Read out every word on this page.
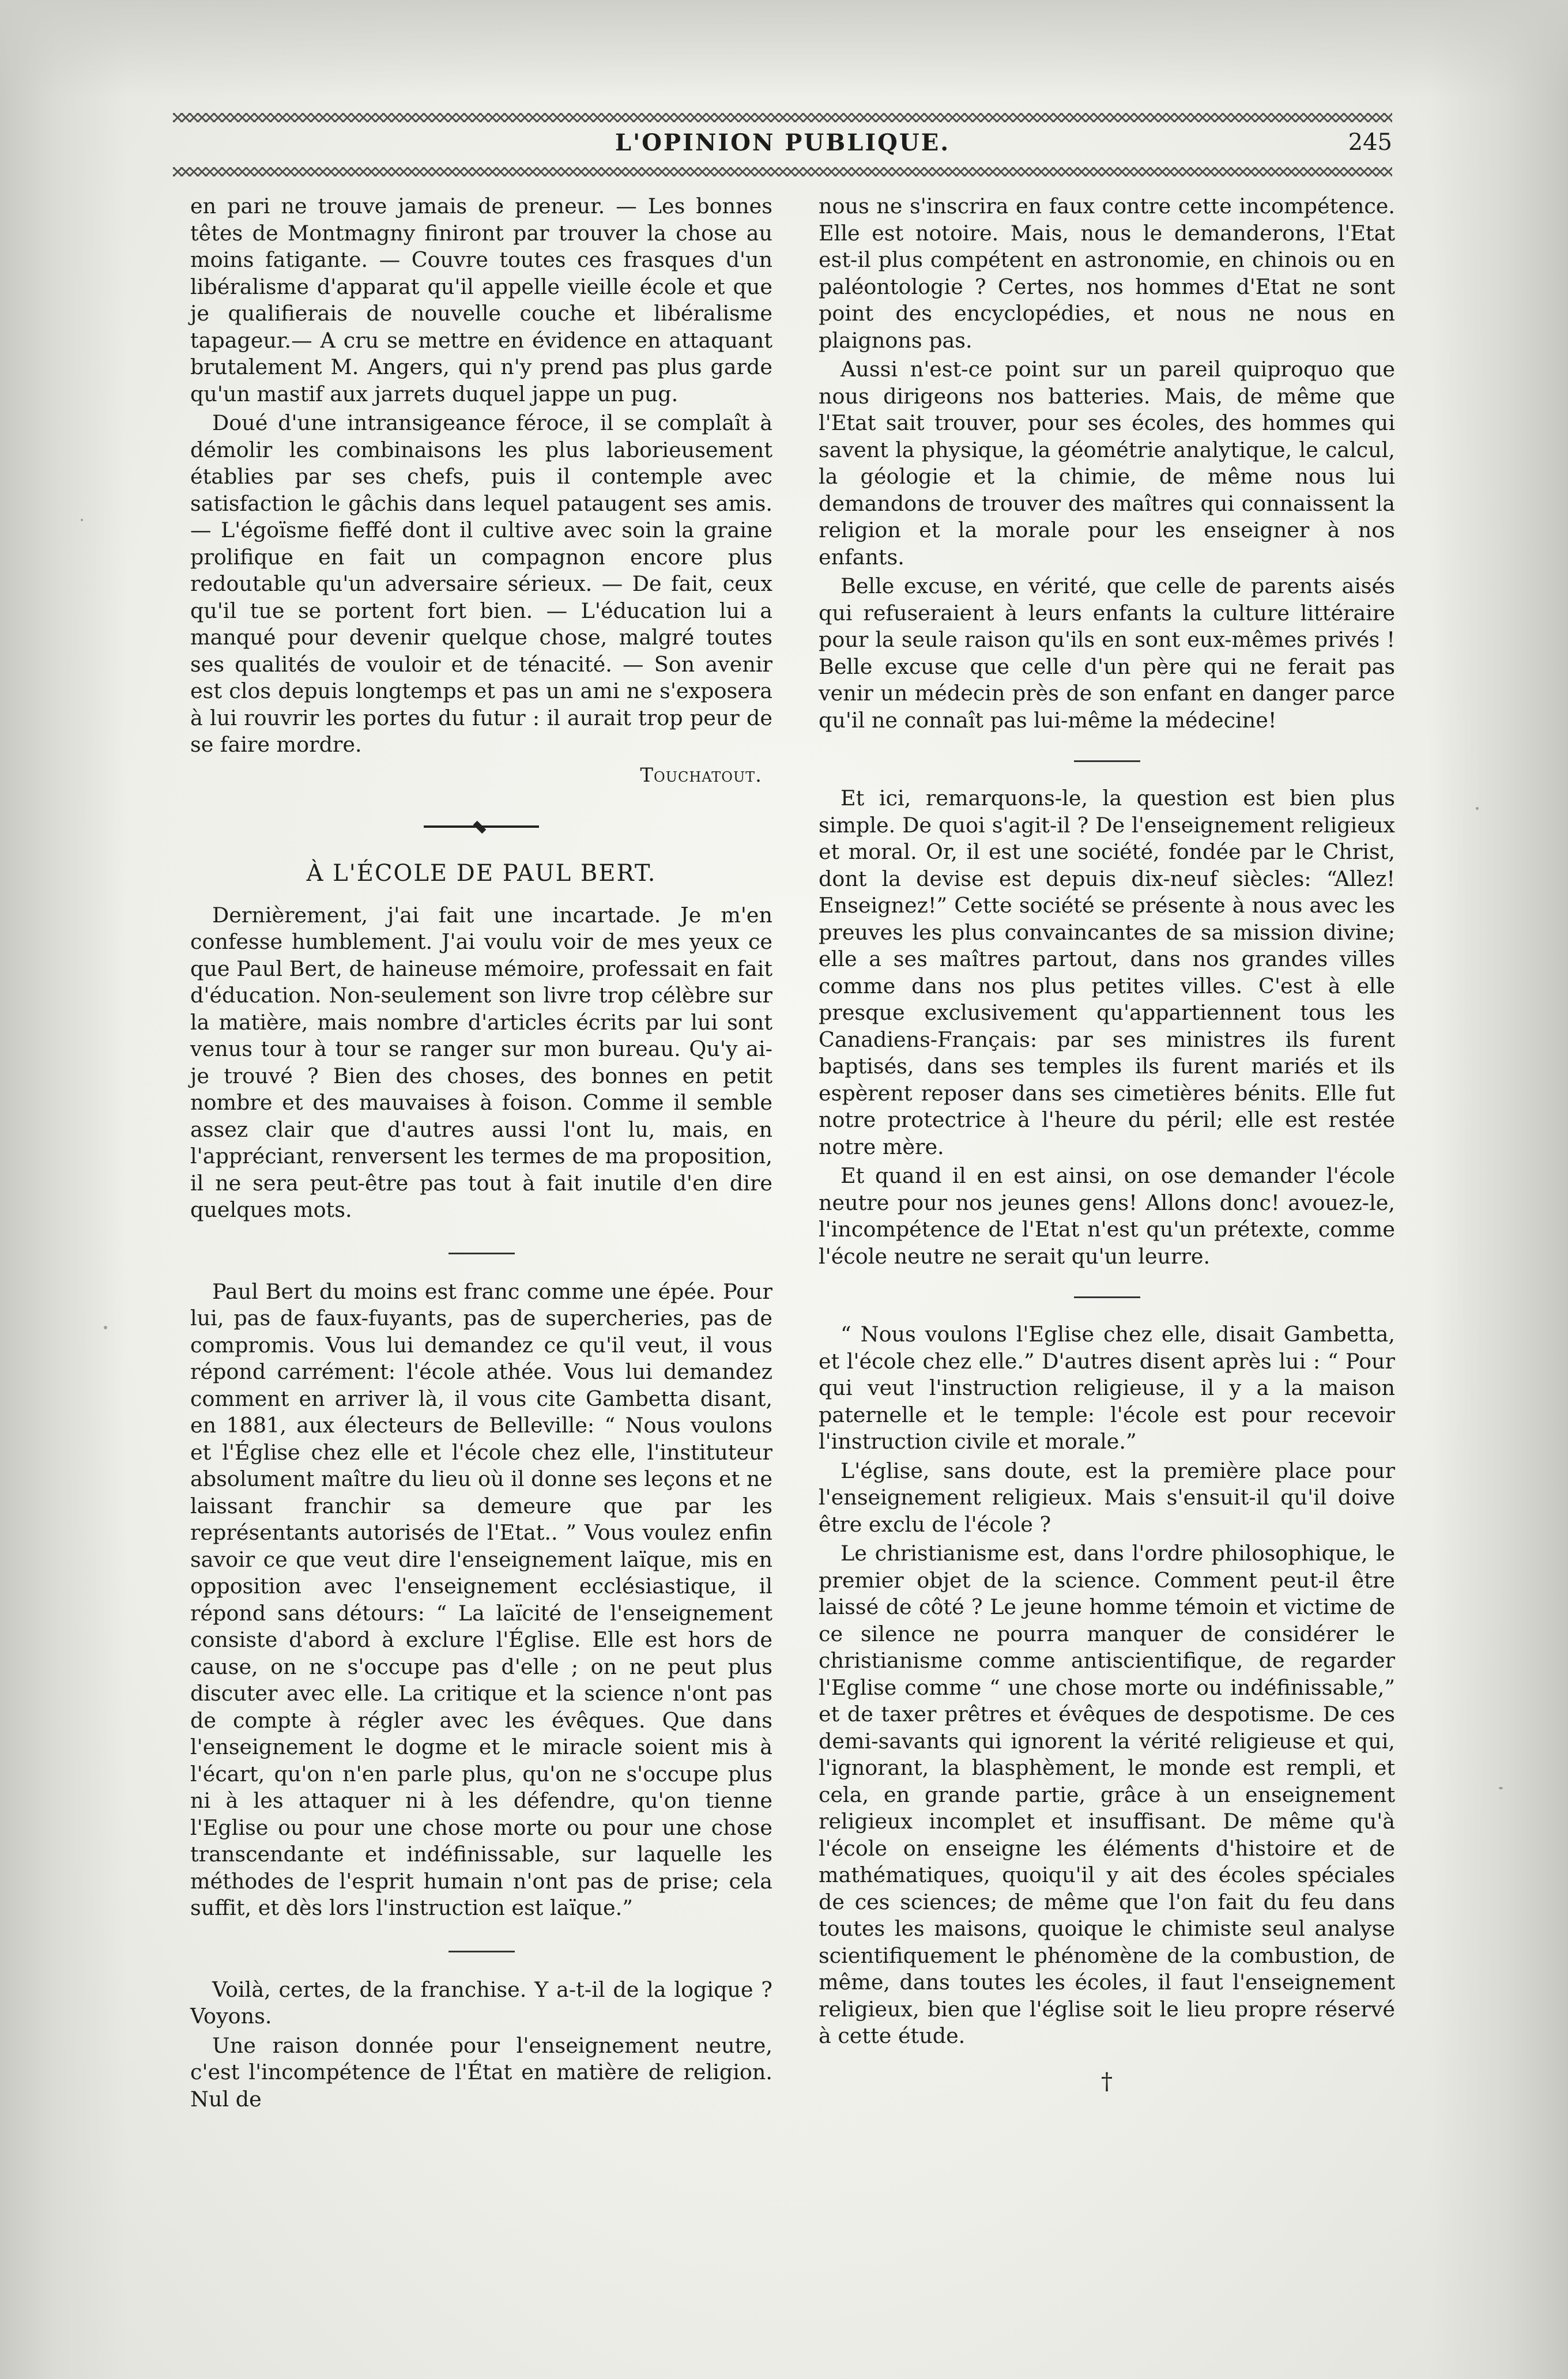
L'OPINION PUBLIQUE.	245

en pari ne trouve jamais de preneur. — Les bonnes têtes de Montmagny finiront par trouver la chose au moins fatigante. — Couvre toutes ces frasques d'un libéralisme d'apparat qu'il appelle vieille école et que je qualifierais de nouvelle couche et libéralisme tapageur.— A cru se mettre en évidence en attaquant brutalement M. Angers, qui n'y prend pas plus garde qu'un mastif aux jarrets duquel jappe un pug.

Doué d'une intransigeance féroce, il se complaît à démolir les combinaisons les plus laborieusement établies par ses chefs, puis il contemple avec satisfaction le gâchis dans lequel pataugent ses amis. — L'égoïsme fieffé dont il cultive avec soin la graine prolifique en fait un compagnon encore plus redoutable qu'un adversaire sérieux. — De fait, ceux qu'il tue se portent fort bien. — L'éducation lui a manqué pour devenir quelque chose, malgré toutes ses qualités de vouloir et de ténacité. — Son avenir est clos depuis longtemps et pas un ami ne s'exposera à lui rouvrir les portes du futur : il aurait trop peur de se faire mordre.

Touchatout.
À L'ÉCOLE DE PAUL BERT.

Dernièrement, j'ai fait une incartade. Je m'en confesse humblement. J'ai voulu voir de mes yeux ce que Paul Bert, de haineuse mémoire, professait en fait d'éducation. Non-seulement son livre trop célèbre sur la matière, mais nombre d'articles écrits par lui sont venus tour à tour se ranger sur mon bureau. Qu'y ai-je trouvé ? Bien des choses, des bonnes en petit nombre et des mauvaises à foison. Comme il semble assez clair que d'autres aussi l'ont lu, mais, en l'appréciant, renversent les termes de ma proposition, il ne sera peut-être pas tout à fait inutile d'en dire quelques mots.

Paul Bert du moins est franc comme une épée. Pour lui, pas de faux-fuyants, pas de supercheries, pas de compromis. Vous lui demandez ce qu'il veut, il vous répond carrément: l'école athée. Vous lui demandez comment en arriver là, il vous cite Gambetta disant, en 1881, aux électeurs de Belleville: “ Nous voulons et l'Église chez elle et l'école chez elle, l'instituteur absolument maître du lieu où il donne ses leçons et ne laissant franchir sa demeure que par les représentants autorisés de l'Etat.. ” Vous voulez enfin savoir ce que veut dire l'enseignement laïque, mis en opposition avec l'enseignement ecclésiastique, il répond sans détours: “ La laïcité de l'enseignement consiste d'abord à exclure l'Église. Elle est hors de cause, on ne s'occupe pas d'elle ; on ne peut plus discuter avec elle. La critique et la science n'ont pas de compte à régler avec les évêques. Que dans l'enseignement le dogme et le miracle soient mis à l'écart, qu'on n'en parle plus, qu'on ne s'occupe plus ni à les attaquer ni à les défendre, qu'on tienne l'Eglise ou pour une chose morte ou pour une chose transcendante et indéfinissable, sur laquelle les méthodes de l'esprit humain n'ont pas de prise; cela suffit, et dès lors l'instruction est laïque.”

Voilà, certes, de la franchise. Y a-t-il de la logique ? Voyons.

Une raison donnée pour l'enseignement neutre, c'est l'incompétence de l'État en matière de religion. Nul de

nous ne s'inscrira en faux contre cette incompétence. Elle est notoire. Mais, nous le demanderons, l'Etat est-il plus compétent en astronomie, en chinois ou en paléontologie ? Certes, nos hommes d'Etat ne sont point des encyclopédies, et nous ne nous en plaignons pas.

Aussi n'est-ce point sur un pareil quiproquo que nous dirigeons nos batteries. Mais, de même que l'Etat sait trouver, pour ses écoles, des hommes qui savent la physique, la géométrie analytique, le calcul, la géologie et la chimie, de même nous lui demandons de trouver des maîtres qui connaissent la religion et la morale pour les enseigner à nos enfants.

Belle excuse, en vérité, que celle de parents aisés qui refuseraient à leurs enfants la culture littéraire pour la seule raison qu'ils en sont eux-mêmes privés ! Belle excuse que celle d'un père qui ne ferait pas venir un médecin près de son enfant en danger parce qu'il ne connaît pas lui-même la médecine!

Et ici, remarquons-le, la question est bien plus simple. De quoi s'agit-il ? De l'enseignement religieux et moral. Or, il est une société, fondée par le Christ, dont la devise est depuis dix-neuf siècles: “Allez! Enseignez!” Cette société se présente à nous avec les preuves les plus convaincantes de sa mission divine; elle a ses maîtres partout, dans nos grandes villes comme dans nos plus petites villes. C'est à elle presque exclusivement qu'appartiennent tous les Canadiens-Français: par ses ministres ils furent baptisés, dans ses temples ils furent mariés et ils espèrent reposer dans ses cimetières bénits. Elle fut notre protectrice à l'heure du péril; elle est restée notre mère.

Et quand il en est ainsi, on ose demander l'école neutre pour nos jeunes gens! Allons donc! avouez-le, l'incompétence de l'Etat n'est qu'un prétexte, comme l'école neutre ne serait qu'un leurre.

“ Nous voulons l'Eglise chez elle, disait Gambetta, et l'école chez elle.” D'autres disent après lui : “ Pour qui veut l'instruction religieuse, il y a la maison paternelle et le temple: l'école est pour recevoir l'instruction civile et morale.”

L'église, sans doute, est la première place pour l'enseignement religieux. Mais s'ensuit-il qu'il doive être exclu de l'école ?

Le christianisme est, dans l'ordre philosophique, le premier objet de la science. Comment peut-il être laissé de côté ? Le jeune homme témoin et victime de ce silence ne pourra manquer de considérer le christianisme comme antiscientifique, de regarder l'Eglise comme “ une chose morte ou indéfinissable,” et de taxer prêtres et évêques de despotisme. De ces demi-savants qui ignorent la vérité religieuse et qui, l'ignorant, la blasphèment, le monde est rempli, et cela, en grande partie, grâce à un enseignement religieux incomplet et insuffisant. De même qu'à l'école on enseigne les éléments d'histoire et de mathématiques, quoiqu'il y ait des écoles spéciales de ces sciences; de même que l'on fait du feu dans toutes les maisons, quoique le chimiste seul analyse scientifiquement le phénomène de la combustion, de même, dans toutes les écoles, il faut l'enseignement religieux, bien que l'église soit le lieu propre réservé à cette étude.

†
